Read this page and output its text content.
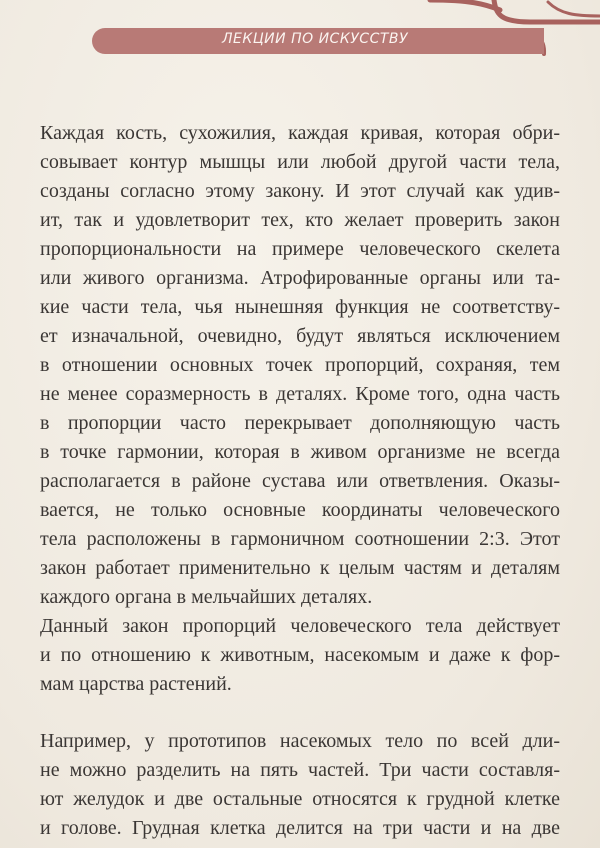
ЛЕКЦИИ ПО ИСКУССТВУ
Каждая кость, сухожилия, каждая кривая, которая обри-
совывает контур мышцы или любой другой части тела,
созданы согласно этому закону. И этот случай как удив-
ит, так и удовлетворит тех, кто желает проверить закон
пропорциональности на примере человеческого скелета
или живого организма. Атрофированные органы или та-
кие части тела, чья нынешняя функция не соответству-
ет изначальной, очевидно, будут являться исключением
в отношении основных точек пропорций, сохраняя, тем
не менее соразмерность в деталях. Кроме того, одна часть
в пропорции часто перекрывает дополняющую часть
в точке гармонии, которая в живом организме не всегда
располагается в районе сустава или ответвления. Оказы-
вается, не только основные координаты человеческого
тела расположены в гармоничном соотношении 2:3. Этот
закон работает применительно к целым частям и деталям
каждого органа в мельчайших деталях.
Данный закон пропорций человеческого тела действует
и по отношению к животным, насекомым и даже к фор-
мам царства растений.
Например, у прототипов насекомых тело по всей дли-
не можно разделить на пять частей. Три части составля-
ют желудок и две остальные относятся к грудной клетке
и голове. Грудная клетка делится на три части и на две
